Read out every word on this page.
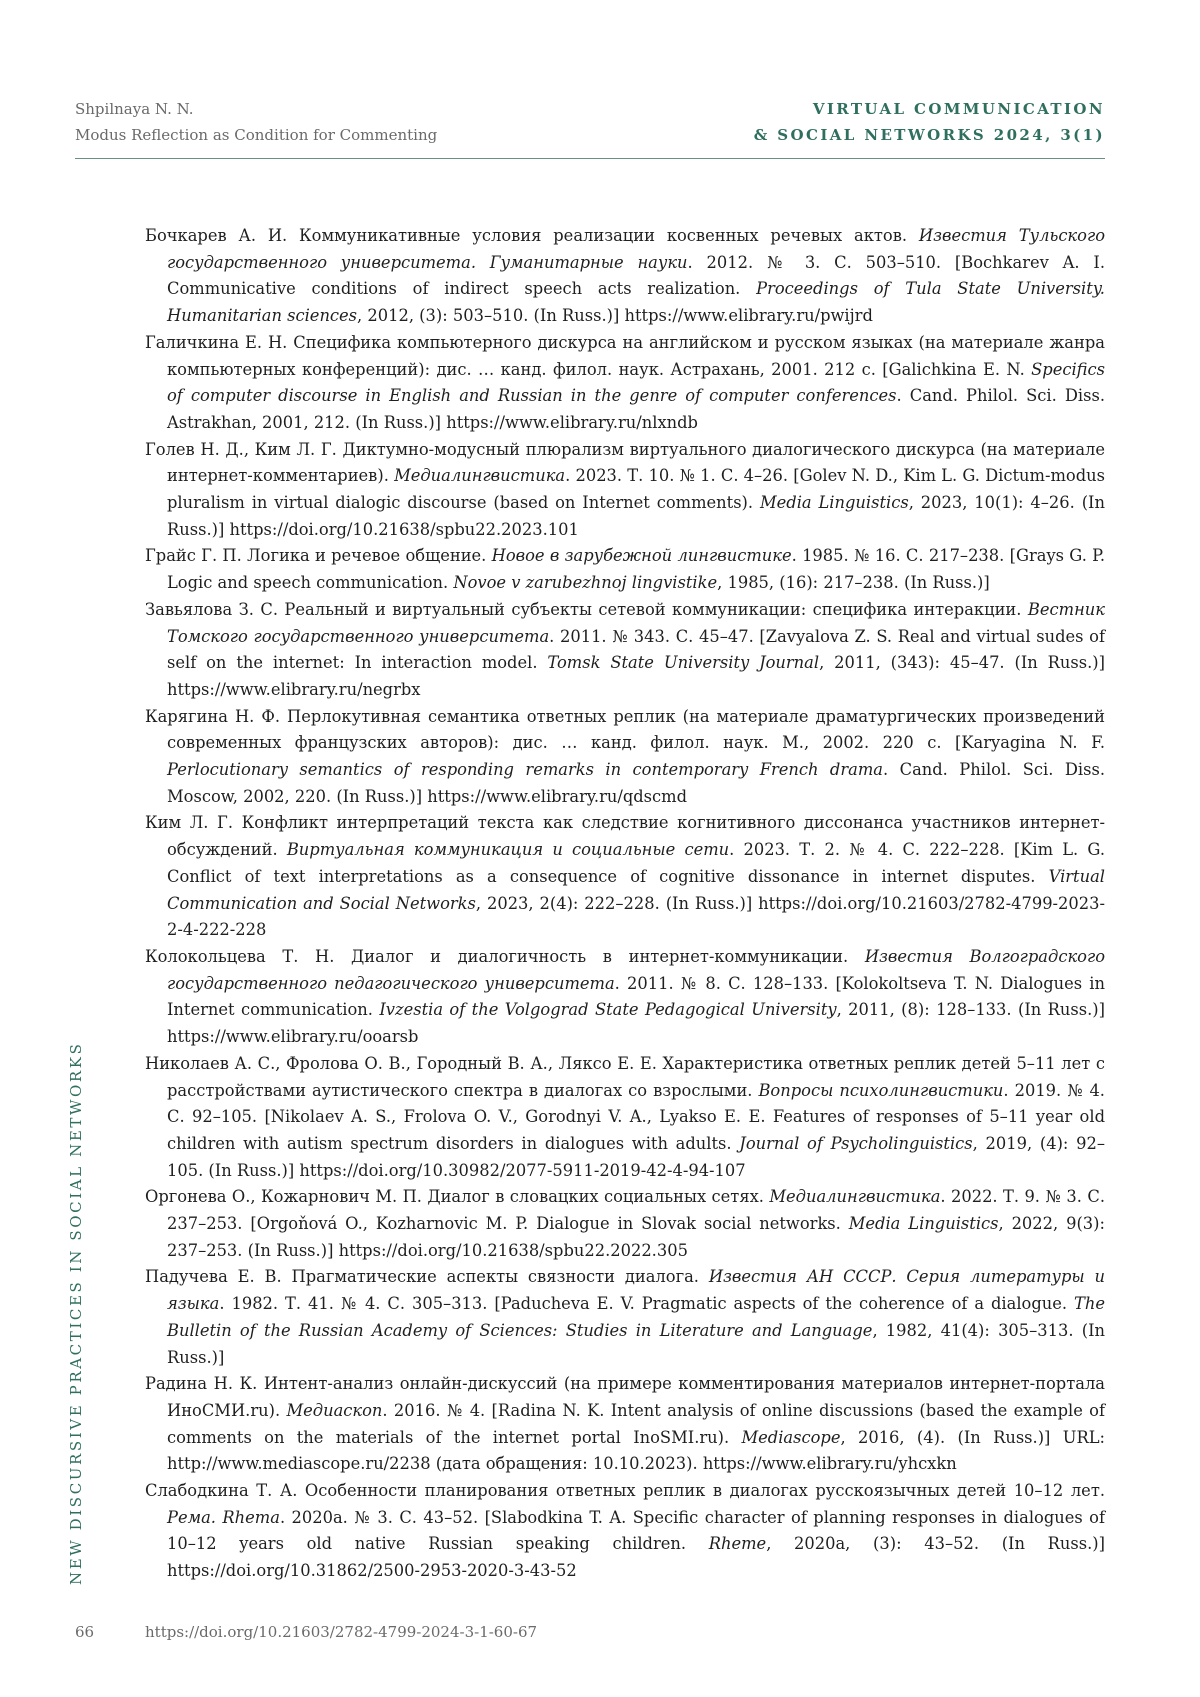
Shpilnaya N. N.
Modus Reflection as Condition for Commenting
VIRTUAL COMMUNICATION
& SOCIAL NETWORKS 2024, 3(1)

Бочкарев А. И. Коммуникативные условия реализации косвенных речевых актов. Известия Тульского государственного университета. Гуманитарные науки. 2012. № 3. С. 503–510. [Bochkarev A. I. Communicative conditions of indirect speech acts realization. Proceedings of Tula State University. Humanitarian sciences, 2012, (3): 503–510. (In Russ.)] https://www.elibrary.ru/pwijrd

Галичкина Е. Н. Специфика компьютерного дискурса на английском и русском языках (на материале жанра компьютерных конференций): дис. … канд. филол. наук. Астрахань, 2001. 212 с. [Galichkina E. N. Specifics of computer discourse in English and Russian in the genre of computer conferences. Cand. Philol. Sci. Diss. Astrakhan, 2001, 212. (In Russ.)] https://www.elibrary.ru/nlxndb

Голев Н. Д., Ким Л. Г. Диктумно-модусный плюрализм виртуального диалогического дискурса (на материале интернет-комментариев). Медиалингвистика. 2023. Т. 10. № 1. С. 4–26. [Golev N. D., Kim L. G. Dictum-modus pluralism in virtual dialogic discourse (based on Internet comments). Media Linguistics, 2023, 10(1): 4–26. (In Russ.)] https://doi.org/10.21638/spbu22.2023.101

Грайс Г. П. Логика и речевое общение. Новое в зарубежной лингвистике. 1985. № 16. С. 217–238. [Grays G. P. Logic and speech communication. Novoe v zarubezhnoj lingvistike, 1985, (16): 217–238. (In Russ.)]

Завьялова З. С. Реальный и виртуальный субъекты сетевой коммуникации: специфика интеракции. Вестник Томского государственного университета. 2011. № 343. С. 45–47. [Zavyalova Z. S. Real and virtual sudes of self on the internet: In interaction model. Tomsk State University Journal, 2011, (343): 45–47. (In Russ.)] https://www.elibrary.ru/negrbx

Карягина Н. Ф. Перлокутивная семантика ответных реплик (на материале драматургических произведений современных французских авторов): дис. … канд. филол. наук. М., 2002. 220 с. [Karyagina N. F. Perlocutionary semantics of responding remarks in contemporary French drama. Cand. Philol. Sci. Diss. Moscow, 2002, 220. (In Russ.)] https://www.elibrary.ru/qdscmd

Ким Л. Г. Конфликт интерпретаций текста как следствие когнитивного диссонанса участников интернет-обсуждений. Виртуальная коммуникация и социальные сети. 2023. Т. 2. № 4. С. 222–228. [Kim L. G. Conflict of text interpretations as a consequence of cognitive dissonance in internet disputes. Virtual Communication and Social Networks, 2023, 2(4): 222–228. (In Russ.)] https://doi.org/10.21603/2782-4799-2023-2-4-222-228

Колокольцева Т. Н. Диалог и диалогичность в интернет-коммуникации. Известия Волгоградского государственного педагогического университета. 2011. № 8. С. 128–133. [Kolokoltseva T. N. Dialogues in Internet communication. Ivzestia of the Volgograd State Pedagogical University, 2011, (8): 128–133. (In Russ.)] https://www.elibrary.ru/ooarsb

Николаев А. С., Фролова О. В., Городный В. А., Ляксо Е. Е. Характеристика ответных реплик детей 5–11 лет с расстройствами аутистического спектра в диалогах со взрослыми. Вопросы психолингвистики. 2019. № 4. С. 92–105. [Nikolaev A. S., Frolova O. V., Gorodnyi V. A., Lyakso E. E. Features of responses of 5–11 year old children with autism spectrum disorders in dialogues with adults. Journal of Psycholinguistics, 2019, (4): 92–105. (In Russ.)] https://doi.org/10.30982/2077-5911-2019-42-4-94-107

Оргонева О., Кожарнович М. П. Диалог в словацких социальных сетях. Медиалингвистика. 2022. Т. 9. № 3. С. 237–253. [Orgoňová O., Kozharnovic M. P. Dialogue in Slovak social networks. Media Linguistics, 2022, 9(3): 237–253. (In Russ.)] https://doi.org/10.21638/spbu22.2022.305

Падучева Е. В. Прагматические аспекты связности диалога. Известия АН СССР. Серия литературы и языка. 1982. Т. 41. № 4. С. 305–313. [Paducheva E. V. Pragmatic aspects of the coherence of a dialogue. The Bulletin of the Russian Academy of Sciences: Studies in Literature and Language, 1982, 41(4): 305–313. (In Russ.)]

Радина Н. К. Интент-анализ онлайн-дискуссий (на примере комментирования материалов интернет-портала ИноСМИ.ru). Медиаскоп. 2016. № 4. [Radina N. K. Intent analysis of online discussions (based the example of comments on the materials of the internet portal InoSMI.ru). Mediascope, 2016, (4). (In Russ.)] URL: http://www.mediascope.ru/2238 (дата обращения: 10.10.2023). https://www.elibrary.ru/yhcxkn

Слабодкина Т. А. Особенности планирования ответных реплик в диалогах русскоязычных детей 10–12 лет. Рема. Rhema. 2020a. № 3. С. 43–52. [Slabodkina T. A. Specific character of planning responses in dialogues of 10–12 years old native Russian speaking children. Rheme, 2020a, (3): 43–52. (In Russ.)] https://doi.org/10.31862/2500-2953-2020-3-43-52

NEW DISCURSIVE PRACTICES IN SOCIAL NETWORKS
66	https://doi.org/10.21603/2782-4799-2024-3-1-60-67
